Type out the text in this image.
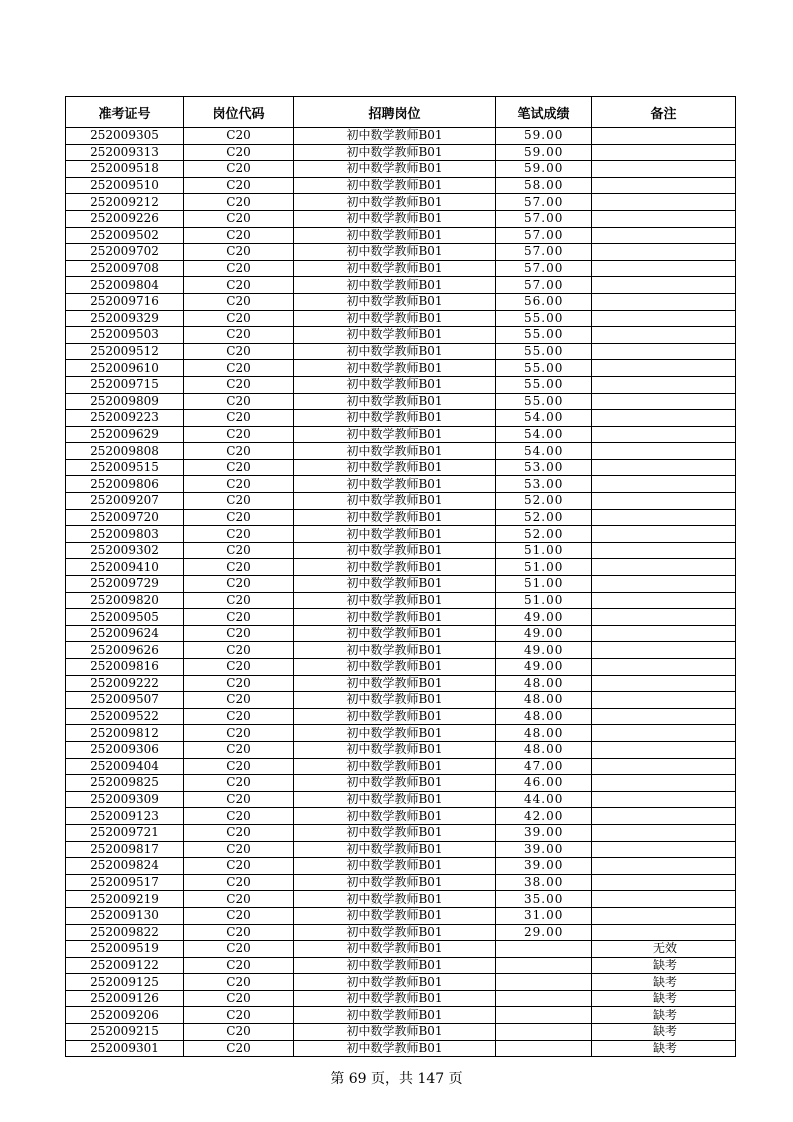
准考证号	岗位代码	招聘岗位	笔试成绩	备注
252009305	C20	初中数学教师B01	59.00	
252009313	C20	初中数学教师B01	59.00	
252009518	C20	初中数学教师B01	59.00	
252009510	C20	初中数学教师B01	58.00	
252009212	C20	初中数学教师B01	57.00	
252009226	C20	初中数学教师B01	57.00	
252009502	C20	初中数学教师B01	57.00	
252009702	C20	初中数学教师B01	57.00	
252009708	C20	初中数学教师B01	57.00	
252009804	C20	初中数学教师B01	57.00	
252009716	C20	初中数学教师B01	56.00	
252009329	C20	初中数学教师B01	55.00	
252009503	C20	初中数学教师B01	55.00	
252009512	C20	初中数学教师B01	55.00	
252009610	C20	初中数学教师B01	55.00	
252009715	C20	初中数学教师B01	55.00	
252009809	C20	初中数学教师B01	55.00	
252009223	C20	初中数学教师B01	54.00	
252009629	C20	初中数学教师B01	54.00	
252009808	C20	初中数学教师B01	54.00	
252009515	C20	初中数学教师B01	53.00	
252009806	C20	初中数学教师B01	53.00	
252009207	C20	初中数学教师B01	52.00	
252009720	C20	初中数学教师B01	52.00	
252009803	C20	初中数学教师B01	52.00	
252009302	C20	初中数学教师B01	51.00	
252009410	C20	初中数学教师B01	51.00	
252009729	C20	初中数学教师B01	51.00	
252009820	C20	初中数学教师B01	51.00	
252009505	C20	初中数学教师B01	49.00	
252009624	C20	初中数学教师B01	49.00	
252009626	C20	初中数学教师B01	49.00	
252009816	C20	初中数学教师B01	49.00	
252009222	C20	初中数学教师B01	48.00	
252009507	C20	初中数学教师B01	48.00	
252009522	C20	初中数学教师B01	48.00	
252009812	C20	初中数学教师B01	48.00	
252009306	C20	初中数学教师B01	48.00	
252009404	C20	初中数学教师B01	47.00	
252009825	C20	初中数学教师B01	46.00	
252009309	C20	初中数学教师B01	44.00	
252009123	C20	初中数学教师B01	42.00	
252009721	C20	初中数学教师B01	39.00	
252009817	C20	初中数学教师B01	39.00	
252009824	C20	初中数学教师B01	39.00	
252009517	C20	初中数学教师B01	38.00	
252009219	C20	初中数学教师B01	35.00	
252009130	C20	初中数学教师B01	31.00	
252009822	C20	初中数学教师B01	29.00	
252009519	C20	初中数学教师B01		无效
252009122	C20	初中数学教师B01		缺考
252009125	C20	初中数学教师B01		缺考
252009126	C20	初中数学教师B01		缺考
252009206	C20	初中数学教师B01		缺考
252009215	C20	初中数学教师B01		缺考
252009301	C20	初中数学教师B01		缺考
第 69 页，共 147 页
